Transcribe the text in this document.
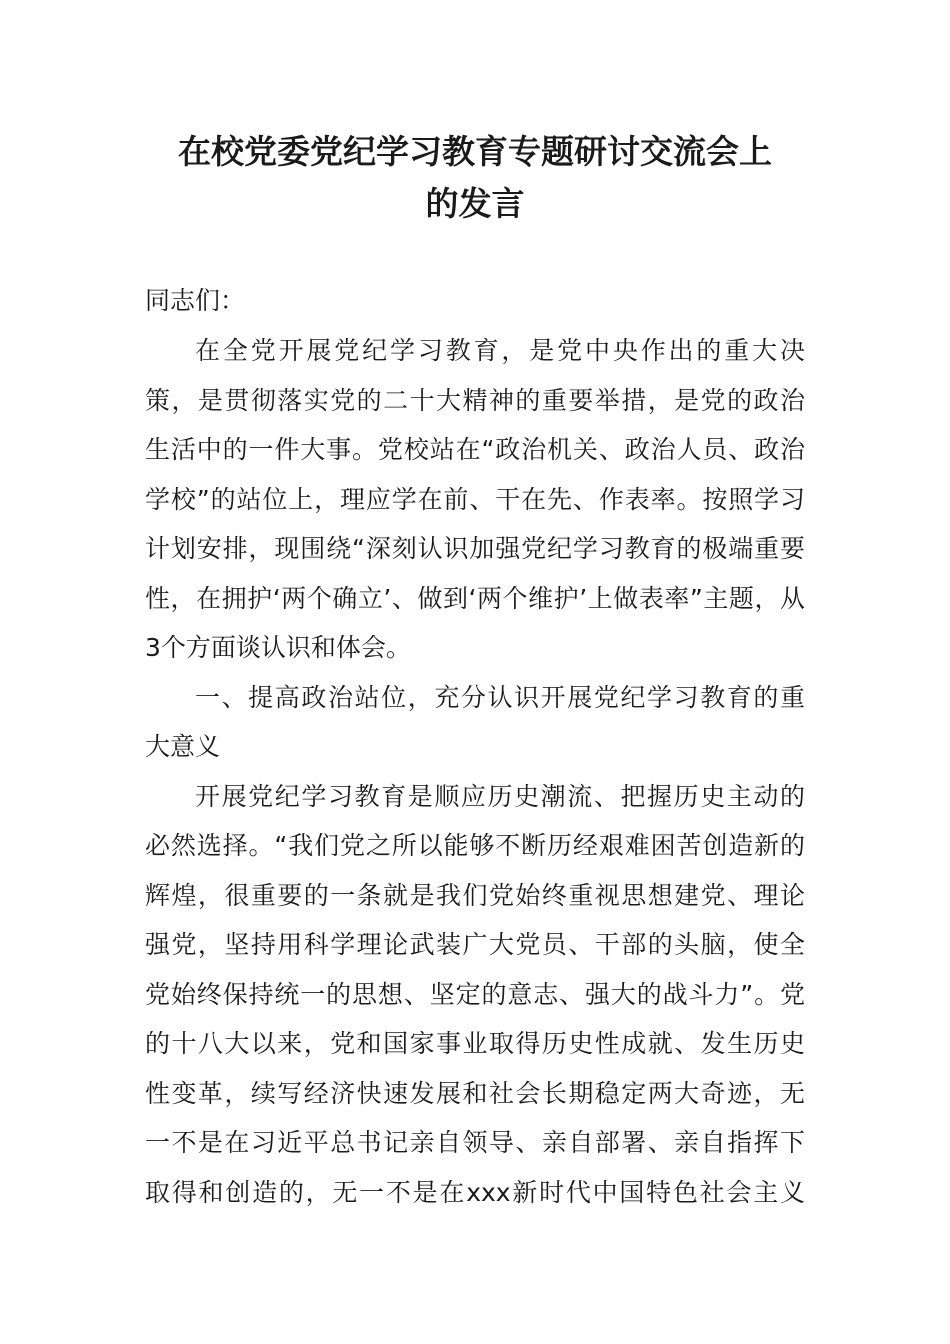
在校党委党纪学习教育专题研讨交流会上
的发言
同志们：
在全党开展党纪学习教育，是党中央作出的重大决
策，是贯彻落实党的二十大精神的重要举措，是党的政治
生活中的一件大事。党校站在“政治机关、政治人员、政治
学校”的站位上，理应学在前、干在先、作表率。按照学习
计划安排，现围绕“深刻认识加强党纪学习教育的极端重要
性，在拥护‘两个确立’、做到‘两个维护’上做表率”主题，从
3个方面谈认识和体会。
一、提高政治站位，充分认识开展党纪学习教育的重
大意义
开展党纪学习教育是顺应历史潮流、把握历史主动的
必然选择。“我们党之所以能够不断历经艰难困苦创造新的
辉煌，很重要的一条就是我们党始终重视思想建党、理论
强党，坚持用科学理论武装广大党员、干部的头脑，使全
党始终保持统一的思想、坚定的意志、强大的战斗力”。党
的十八大以来，党和国家事业取得历史性成就、发生历史
性变革，续写经济快速发展和社会长期稳定两大奇迹，无
一不是在习近平总书记亲自领导、亲自部署、亲自指挥下
取得和创造的，无一不是在xxx新时代中国特色社会主义
